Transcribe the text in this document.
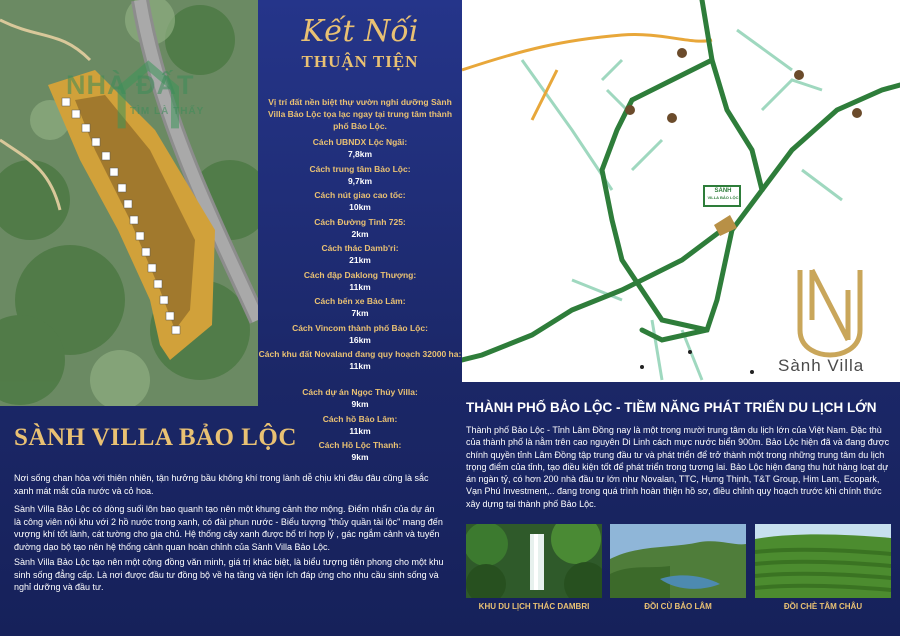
NHÀ ĐẤT
TÌM LÀ THẤY
Kết Nối
THUẬN TIỆN
Vị trí đất nền biệt thự vườn nghỉ dưỡng Sành Villa Bảo Lộc tọa lạc ngay tại trung tâm thành phố Bảo Lộc.
Cách UBNDX Lộc Ngãi:
7,8km
Cách trung tâm Bảo Lộc:
9,7km
Cách nút giao cao tốc:
10km
Cách Đường Tỉnh 725:
2km
Cách thác Damb'ri:
21km
Cách đập Daklong Thượng:
11km
Cách bến xe Bảo Lâm:
7km
Cách Vincom thành phố Bảo Lộc:
16km
Cách khu đất Novaland đang quy hoạch 32000 ha:
11km
Cách dự án Ngọc Thủy Villa:
9km
Cách hồ Bảo Lâm:
11km
Cách Hồ Lộc Thanh:
9km
SÀNH
VILLA BẢO LỘC
Sành Villa
SÀNH VILLA BẢO LỘC
Nơi sống chan hòa với thiên nhiên, tận hưởng bầu không khí trong lành dễ chịu khi đâu đâu cũng là sắc xanh mát mắt của nước và cỏ hoa.
Sành Villa Bảo Lộc có dòng suối lôn bao quanh tạo nên một khung cảnh thơ mộng. Điểm nhấn của dự án là công viên nội khu với 2 hồ nước trong xanh, có đài phun nước - Biểu tượng "thủy quần tài lộc" mang đến vượng khí tốt lành, cát tường cho gia chủ. Hệ thống cây xanh được bố trí hợp lý , gác ngắm cảnh và tuyến đường dạo bộ tạo nên hệ thống cảnh quan hoàn chỉnh của Sành Villa Bảo Lộc.
Sành Villa Bảo Lộc tạo nên một cộng đồng văn minh, giá trị khác biệt, là biểu tượng tiên phong cho một khu sinh sống đẳng cấp. Là nơi được đầu tư đồng bộ về hạ tầng và tiện ích đáp ứng cho nhu cầu sinh sống và nghỉ dưỡng và đầu tư.
THÀNH PHỐ BẢO LỘC - TIỀM NĂNG PHÁT TRIỂN DU LỊCH LỚN
Thành phố Bảo Lộc - Tỉnh Lâm Đồng nay là một trong mười trung tâm du lịch lớn của Việt Nam. Đặc thù của thành phố là nằm trên cao nguyên Di Linh cách mực nước biển 900m. Bảo Lộc hiện đã và đang được chính quyền tỉnh Lâm Đồng tập trung đầu tư và phát triển để trở thành một trong những trung tâm du lịch trọng điểm của tỉnh, tạo điều kiện tốt để phát triển trong tương lai. Bảo Lộc hiện đang thu hút hàng loạt dự án ngàn tỷ, có hơn 200 nhà đầu tư lớn như Novalan, TTC, Hưng Thịnh, T&T Group, Him Lam, Ecopark, Vạn Phú Investment,.. đang trong quá trình hoàn thiện hồ sơ, điều chỉnh quy hoạch trước khi chính thức xây dựng tại thành phố Bảo Lộc.
KHU DU LỊCH THÁC DAMBRI	ĐỒI CÙ BẢO LÂM	ĐỒI CHÈ TÂM CHÂU
